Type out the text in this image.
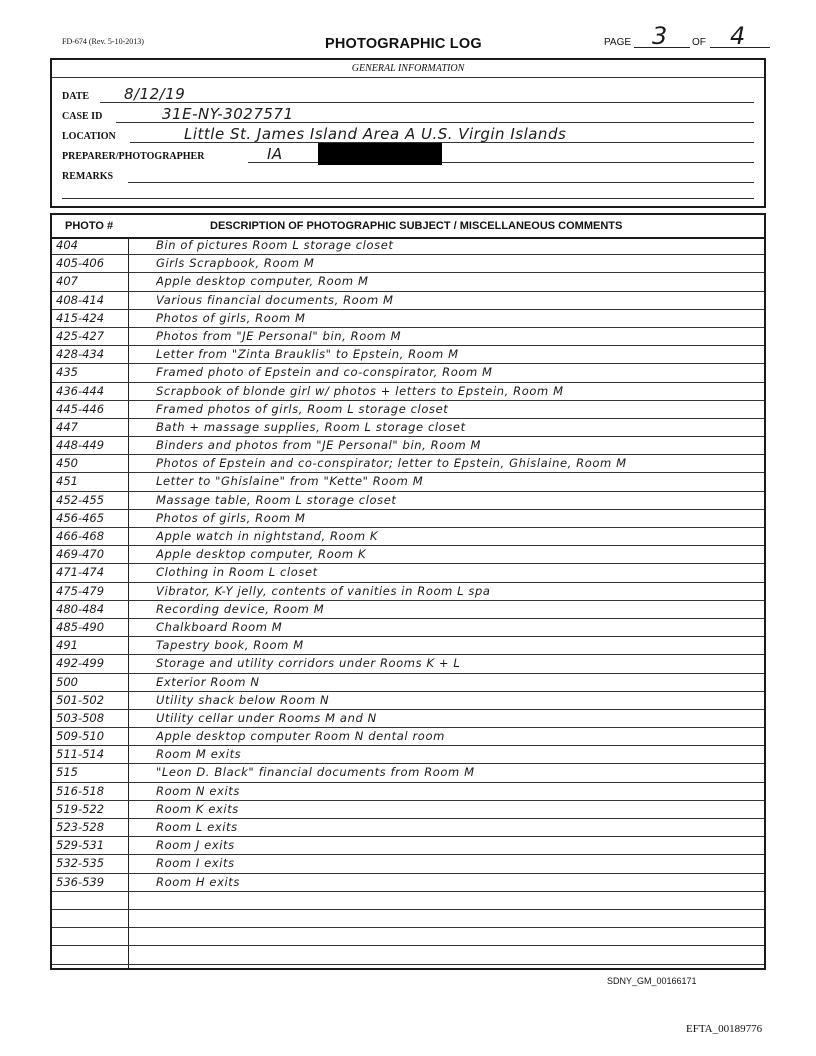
FD-674 (Rev. 5-10-2013)	PHOTOGRAPHIC LOG	PAGE 3 OF 4
GENERAL INFORMATION
DATE 8/12/19
CASE ID	31E-NY-3027571
LOCATION	Little St. James Island Area A U.S. Virgin Islands
PREPARER/PHOTOGRAPHER	IA
REMARKS
PHOTO #	DESCRIPTION OF PHOTOGRAPHIC SUBJECT / MISCELLANEOUS COMMENTS
404	Bin of pictures Room L storage closet
405-406	Girls Scrapbook, Room M
407	Apple desktop computer, Room M
408-414	Various financial documents, Room M
415-424	Photos of girls, Room M
425-427	Photos from "JE Personal" bin, Room M
428-434	Letter from "Zinta Brauklis" to Epstein, Room M
435	Framed photo of Epstein and co-conspirator, Room M
436-444	Scrapbook of blonde girl w/ photos + letters to Epstein, Room M
445-446	Framed photos of girls, Room L storage closet
447	Bath + massage supplies, Room L storage closet
448-449	Binders and photos from "JE Personal" bin, Room M
450	Photos of Epstein and co-conspirator; letter to Epstein, Ghislaine, Room M
451	Letter to "Ghislaine" from "Kette" Room M
452-455	Massage table, Room L storage closet
456-465	Photos of girls, Room M
466-468	Apple watch in nightstand, Room K
469-470	Apple desktop computer, Room K
471-474	Clothing in Room L closet
475-479	Vibrator, K-Y jelly, contents of vanities in Room L spa
480-484	Recording device, Room M
485-490	Chalkboard Room M
491	Tapestry book, Room M
492-499	Storage and utility corridors under Rooms K + L
500	Exterior Room N
501-502	Utility shack below Room N
503-508	Utility cellar under Rooms M and N
509-510	Apple desktop computer Room N dental room
511-514	Room M exits
515	"Leon D. Black" financial documents from Room M
516-518	Room N exits
519-522	Room K exits
523-528	Room L exits
529-531	Room J exits
532-535	Room I exits
536-539	Room H exits
SDNY_GM_00166171
EFTA_00189776
